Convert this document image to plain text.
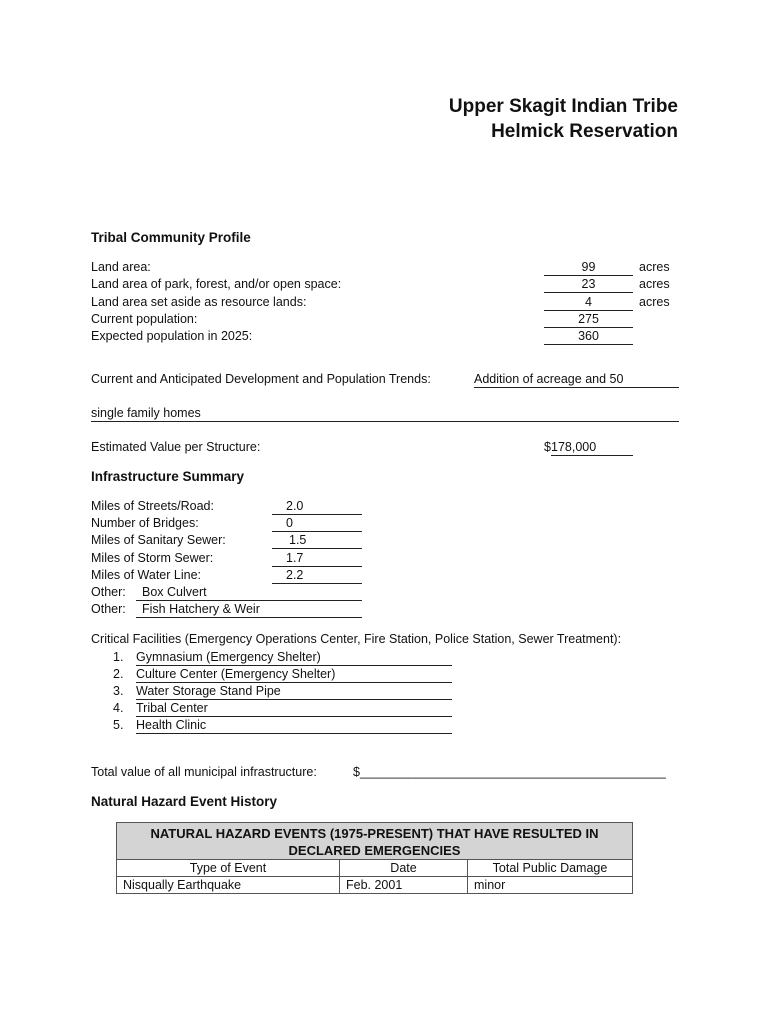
Upper Skagit Indian Tribe
Helmick Reservation
Tribal Community Profile
Land area:	99	acres
Land area of park, forest, and/or open space:	23	acres
Land area set aside as resource lands:	4	acres
Current population:	275
Expected population in 2025:	360
Current and Anticipated Development and Population Trends:	Addition of acreage and 50
single family homes
Estimated Value per Structure:	$ 178,000
Infrastructure Summary
Miles of Streets/Road:	2.0
Number of Bridges:	0
Miles of Sanitary Sewer:	1.5
Miles of Storm Sewer:	1.7
Miles of Water Line:	2.2
Other: Box Culvert
Other: Fish Hatchery & Weir
Critical Facilities (Emergency Operations Center, Fire Station, Police Station, Sewer Treatment):
1. Gymnasium (Emergency Shelter)
2. Culture Center (Emergency Shelter)
3. Water Storage Stand Pipe
4. Tribal Center
5. Health Clinic
Total value of all municipal infrastructure:	$____________________________________________
Natural Hazard Event History
NATURAL HAZARD EVENTS (1975-PRESENT) THAT HAVE RESULTED IN DECLARED EMERGENCIES		
Type of Event	Date	Total Public Damage
Nisqually Earthquake	Feb. 2001	minor
